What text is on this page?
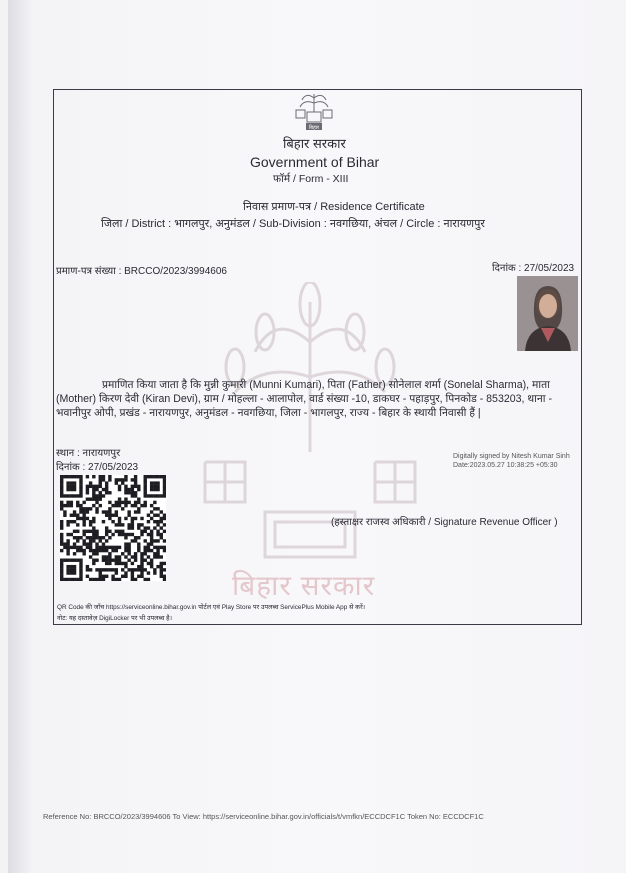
बिहार
बिहार सरकार
बिहार सरकार
Government of Bihar
फॉर्म / Form - XIII
निवास प्रमाण-पत्र / Residence Certificate
जिला / District : भागलपुर, अनुमंडल / Sub-Division : नवगछिया, अंचल / Circle : नारायणपुर
प्रमाण-पत्र संख्या : BRCCO/2023/3994606	दिनांक : 27/05/2023
प्रमाणित किया जाता है कि मुन्नी कुमारी (Munni Kumari), पिता (Father) सोनेलाल शर्मा (Sonelal Sharma), माता
(Mother) किरण देवी (Kiran Devi), ग्राम / मोहल्ला - आलापोल, वार्ड संख्या -10, डाकघर - पहाड़पुर, पिनकोड - 853203, थाना -
भवानीपुर ओपी, प्रखंड - नारायणपुर, अनुमंडल - नवगछिया, जिला - भागलपुर, राज्य - बिहार के स्थायी निवासी हैं |
स्थान : नारायणपुर
दिनांक : 27/05/2023
Digitally signed by Nitesh Kumar Sinh
Date:2023.05.27 10:38:25 +05:30
(हस्ताक्षर राजस्व अधिकारी / Signature Revenue Officer )
QR Code की जाँच https://serviceonline.bihar.gov.in पोर्टल एवं Play Store पर उपलब्ध ServicePlus Mobile App से करें।
नोट: यह दस्तावेज़ DigiLocker पर भी उपलब्ध है।
Reference No: BRCCO/2023/3994606 To View: https://serviceonline.bihar.gov.in/officials/t/vmfkn/ECCDCF1C Token No: ECCDCF1C
